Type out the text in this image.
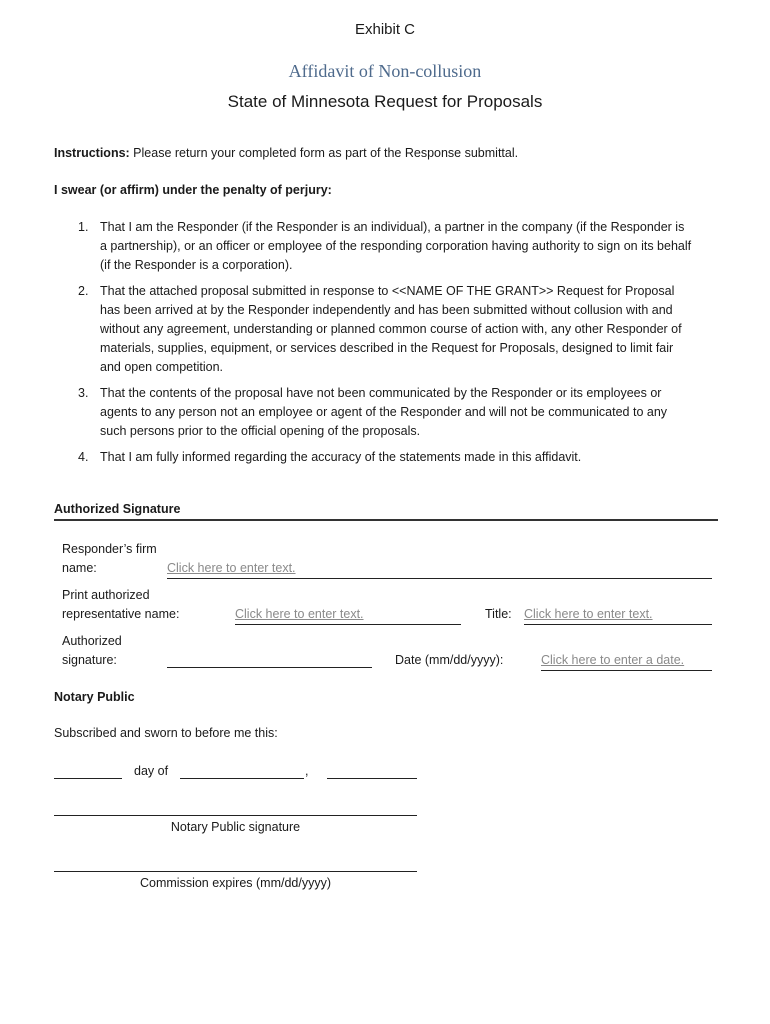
Exhibit C
Affidavit of Non-collusion
State of Minnesota Request for Proposals
Instructions: Please return your completed form as part of the Response submittal.
I swear (or affirm) under the penalty of perjury:
1. That I am the Responder (if the Responder is an individual), a partner in the company (if the Responder is a partnership), or an officer or employee of the responding corporation having authority to sign on its behalf (if the Responder is a corporation).
2. That the attached proposal submitted in response to <<NAME OF THE GRANT>> Request for Proposal has been arrived at by the Responder independently and has been submitted without collusion with and without any agreement, understanding or planned common course of action with, any other Responder of materials, supplies, equipment, or services described in the Request for Proposals, designed to limit fair and open competition.
3. That the contents of the proposal have not been communicated by the Responder or its employees or agents to any person not an employee or agent of the Responder and will not be communicated to any such persons prior to the official opening of the proposals.
4. That I am fully informed regarding the accuracy of the statements made in this affidavit.
Authorized Signature
Responder’s firm
name:	Click here to enter text.
Print authorized
representative name:	Click here to enter text.	Title: Click here to enter text.
Authorized
signature:	Date (mm/dd/yyyy):	Click here to enter a date.
Notary Public
Subscribed and sworn to before me this:
day of	,
Notary Public signature
Commission expires (mm/dd/yyyy)
